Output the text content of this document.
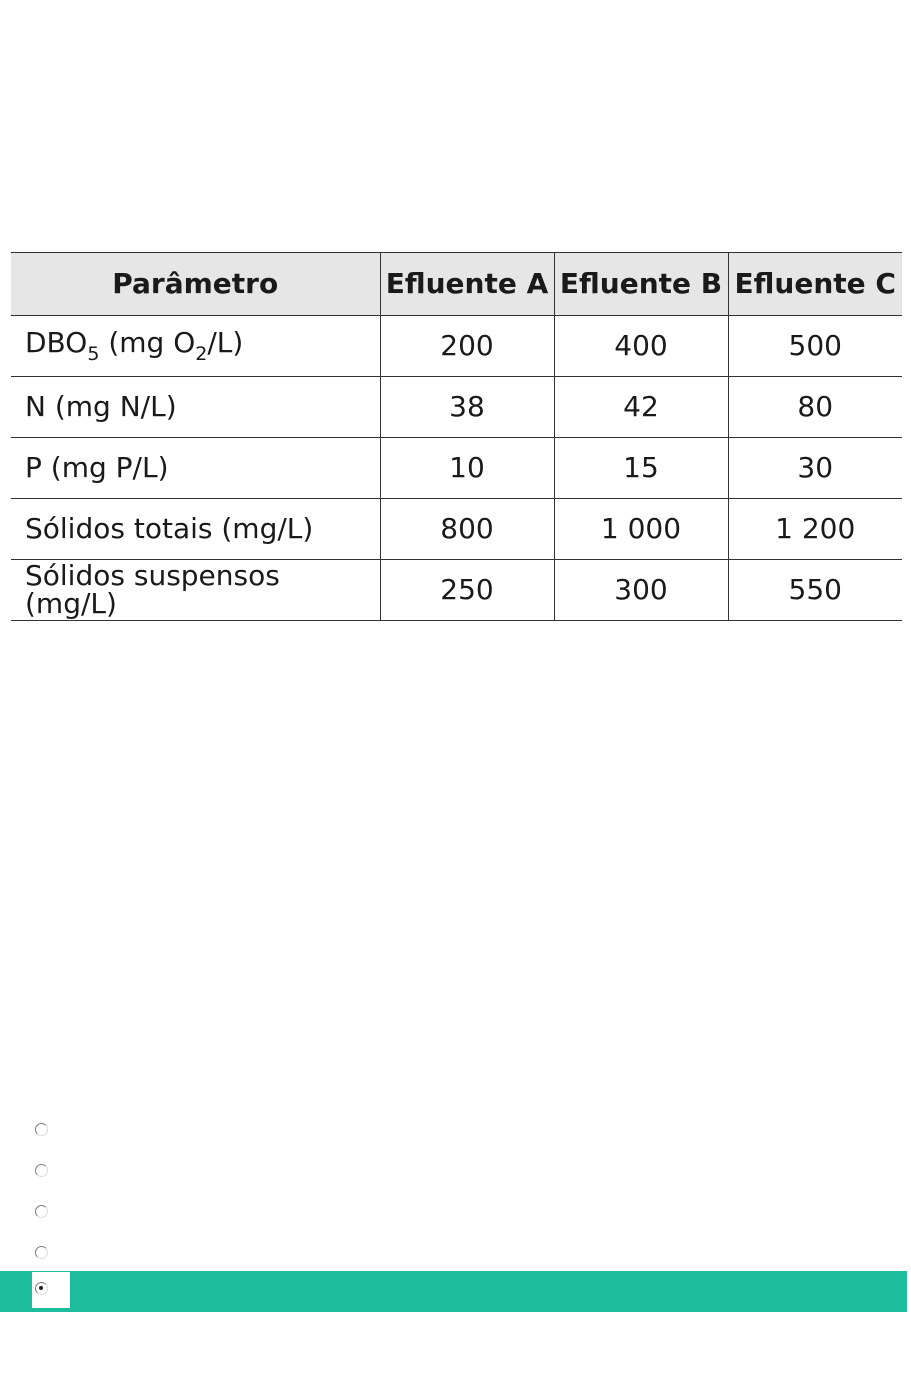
Parâmetro	Efluente A	Efluente B	Efluente C
$DBO_5$ (mg $O_2/L$)	200	400	500
N (mg N/L)	38	42	80
P (mg P/L)	10	15	30
Sólidos totais (mg/L)	800	1 000	1 200
Sólidos suspensos (mg/L)	250	300	550
